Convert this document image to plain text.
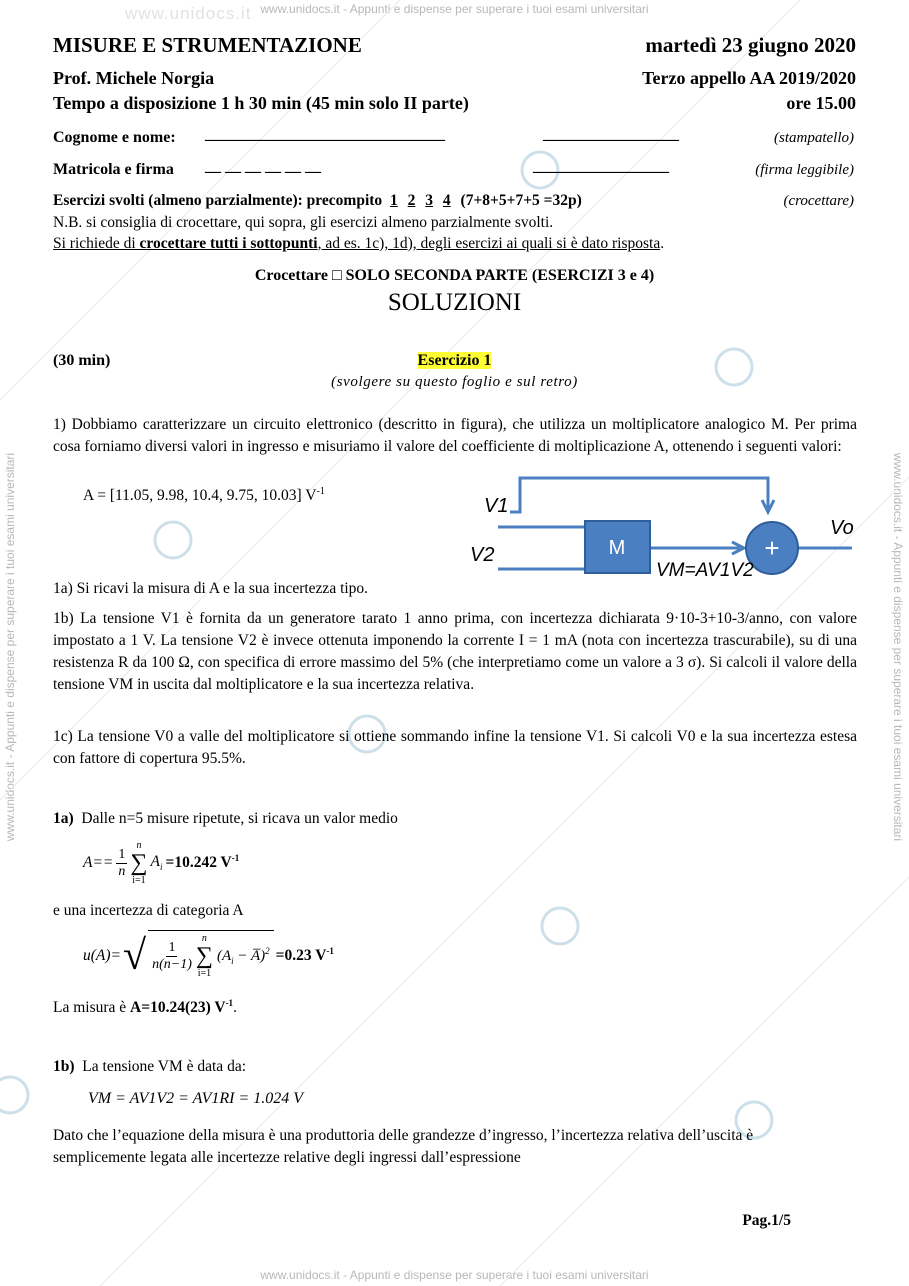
www.unidocs.it - Appunti e dispense per superare i tuoi esami universitari
www.unidocs.it
www.unidocs.it - Appunti e dispense per superare i tuoi esami universitari
www.unidocs.it - Appunti e dispense per superare i tuoi esami universitari	www.unidocs.it - Appunti e dispense per superare i tuoi esami universitari
MISURE E STRUMENTAZIONE	martedì 23 giugno 2020
Prof. Michele Norgia	Terzo appello AA 2019/2020
Tempo a disposizione 1 h 30 min (45 min solo II parte)	ore 15.00
Cognome e nome: ______________________________	_________________	(stampatello)
Matricola e firma __ __ __ __ __ __	_________________	(firma leggibile)
Esercizi svolti (almeno parzialmente): precompito 1 2 3 4 (7+8+5+7+5 =32p)	(crocettare)
N.B. si consiglia di crocettare, qui sopra, gli esercizi almeno parzialmente svolti.
Si richiede di crocettare tutti i sottopunti, ad es. 1c), 1d), degli esercizi ai quali si è dato risposta.
Crocettare □ SOLO SECONDA PARTE (ESERCIZI 3 e 4)
SOLUZIONI
(30 min)	Esercizio 1
(svolgere su questo foglio e sul retro)
1) Dobbiamo caratterizzare un circuito elettronico (descritto in figura), che utilizza un moltiplicatore analogico M. Per prima cosa forniamo diversi valori in ingresso e misuriamo il valore del coefficiente di moltiplicazione A, ottenendo i seguenti valori:
A = [11.05, 9.98, 10.4, 9.75, 10.03] $V^{-1}$
M	+
V1
V2
Vo
VM=AV1V2
1a) Si ricavi la misura di A e la sua incertezza tipo.
1b) La tensione V1 è fornita da un generatore tarato 1 anno prima, con incertezza dichiarata 9·10-3+10-3/anno, con valore impostato a 1 V. La tensione V2 è invece ottenuta imponendo la corrente I = 1 mA (nota con incertezza trascurabile), su di una resistenza R da 100 Ω, con specifica di errore massimo del 5% (che interpretiamo come un valore a 3 σ). Si calcoli il valore della tensione VM in uscita dal moltiplicatore e la sua incertezza relativa.
1c) La tensione V0 a valle del moltiplicatore si ottiene sommando infine la tensione V1. Si calcoli V0 e la sua incertezza estesa con fattore di copertura 95.5%.
1a) Dalle n=5 misure ripetute, si ricava un valor medio
$A== \frac{1}{n}$
n
∑
i=1
$A_i =10.242$ $V^{-1}$
e una incertezza di categoria A
u(A)= √ $\frac{1}{n(n-1)}$
n
∑
i=1
($A_i$ − A̅)$^2$ =0.23 $V^{-1}$
La misura è A=10.24(23) $V^{-1}$.
1b) La tensione VM è data da:
VM = AV1V2 = AV1RI = 1.024 V
Dato che l’equazione della misura è una produttoria delle grandezze d’ingresso, l’incertezza relativa dell’uscita è semplicemente legata alle incertezze relative degli ingressi dall’espressione
Pag.1/5
